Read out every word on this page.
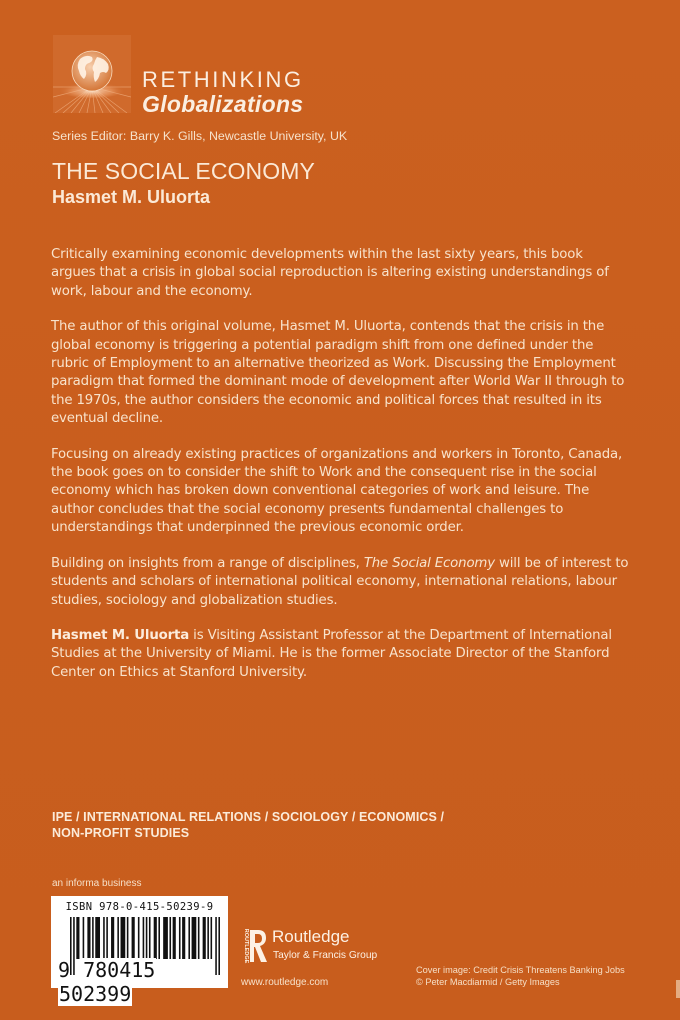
RETHINKING
Globalizations
Series Editor: Barry K. Gills, Newcastle University, UK
THE SOCIAL ECONOMY
Hasmet M. Uluorta

Critically examining economic developments within the last sixty years, this book argues that a crisis in global social reproduction is altering existing understandings of work, labour and the economy.

The author of this original volume, Hasmet M. Uluorta, contends that the crisis in the global economy is triggering a potential paradigm shift from one defined under the rubric of Employment to an alternative theorized as Work. Discussing the Employment paradigm that formed the dominant mode of development after World War II through to the 1970s, the author considers the economic and political forces that resulted in its eventual decline.

Focusing on already existing practices of organizations and workers in Toronto, Canada, the book goes on to consider the shift to Work and the consequent rise in the social economy which has broken down conventional categories of work and leisure. The author concludes that the social economy presents fundamental challenges to understandings that underpinned the previous economic order.

Building on insights from a range of disciplines, The Social Economy will be of interest to students and scholars of international political economy, international relations, labour studies, sociology and globalization studies.

Hasmet M. Uluorta is Visiting Assistant Professor at the Department of International Studies at the University of Miami. He is the former Associate Director of the Stanford Center on Ethics at Stanford University.

IPE / INTERNATIONAL RELATIONS / SOCIOLOGY / ECONOMICS /
NON-PROFIT STUDIES
an informa business
ISBN 978-0-415-50239-9
9 780415 502399
ROUTLEDGE Routledge
Taylor & Francis Group
www.routledge.com
Cover image: Credit Crisis Threatens Banking Jobs
© Peter Macdiarmid / Getty Images
